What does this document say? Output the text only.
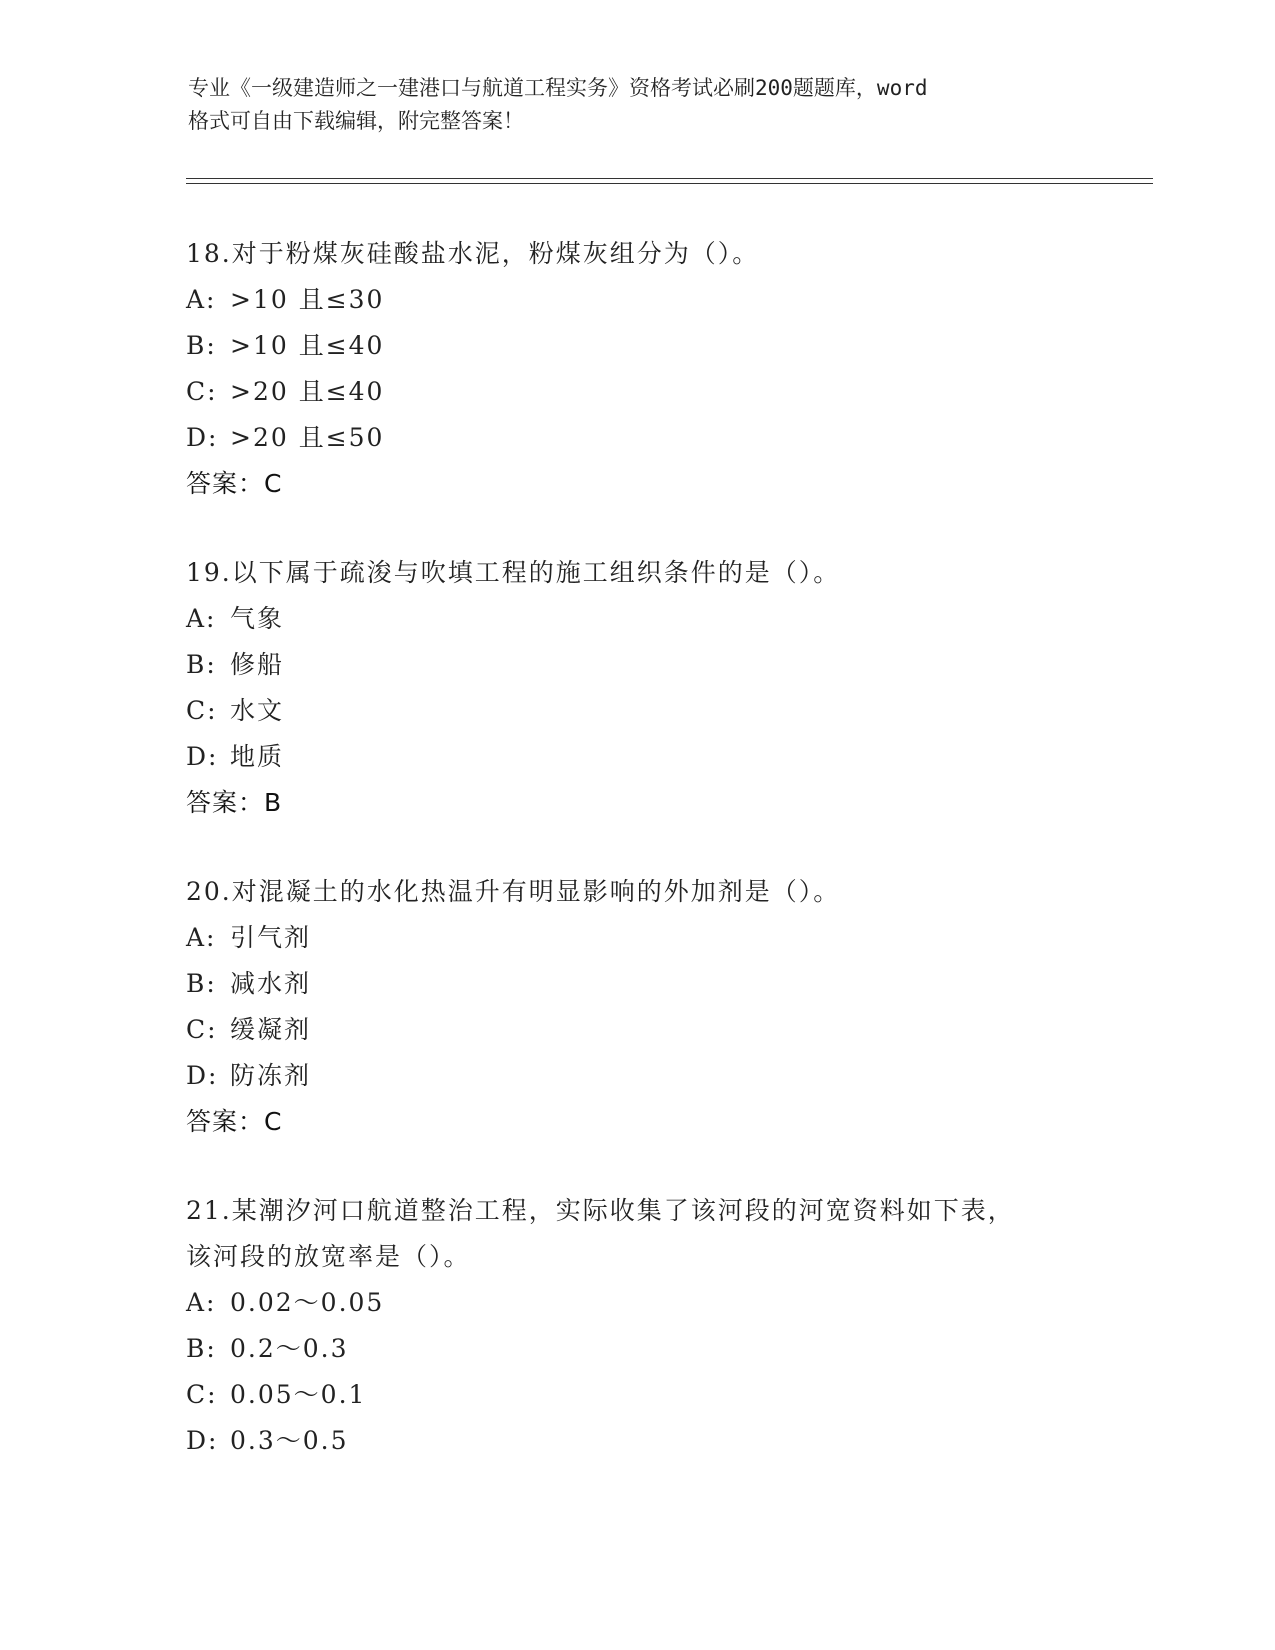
专业《一级建造师之一建港口与航道工程实务》资格考试必刷200题题库，word
格式可自由下载编辑，附完整答案！
18.对于粉煤灰硅酸盐水泥，粉煤灰组分为（）。
A: >10 且≤30
B: >10 且≤40
C: >20 且≤40
D: >20 且≤50
答案：C
19.以下属于疏浚与吹填工程的施工组织条件的是（）。
A: 气象
B: 修船
C: 水文
D: 地质
答案：B
20.对混凝土的水化热温升有明显影响的外加剂是（）。
A: 引气剂
B: 减水剂
C: 缓凝剂
D: 防冻剂
答案：C
21.某潮汐河口航道整治工程，实际收集了该河段的河宽资料如下表，
该河段的放宽率是（）。
A: 0.02～0.05
B: 0.2～0.3
C: 0.05～0.1
D: 0.3～0.5
